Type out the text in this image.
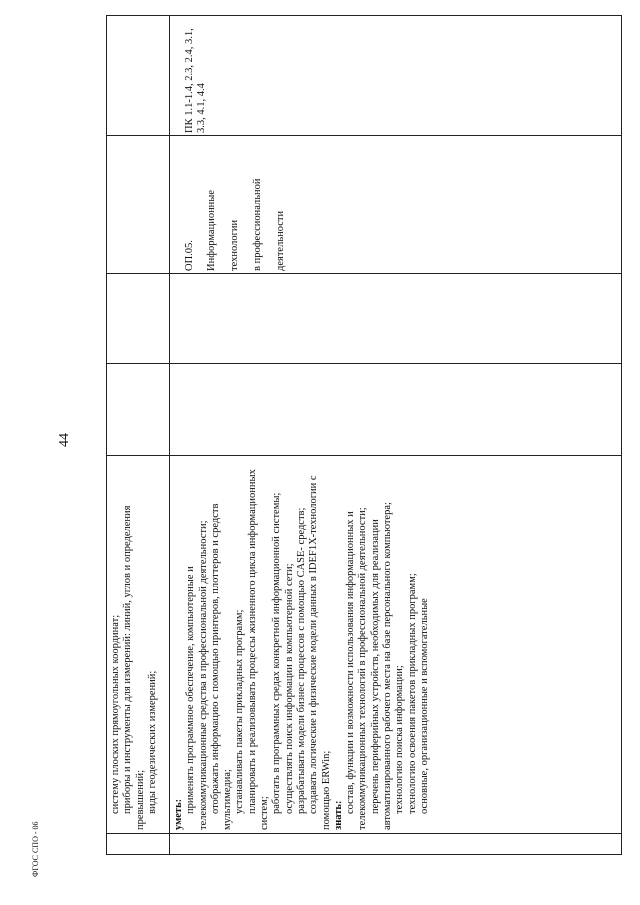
44
ФГОС СПО - 06

систему плоских прямоугольных координат; приборы и инструменты для измерений: линий, углов и определения превышений; виды геодезических измерений;

уметь:

применять программное обеспечение, компьютерные и телекоммуникационные средства в профессиональной деятельности; отображать информацию с помощью принтеров, плоттеров и средств мультимедиа; устанавливать пакеты прикладных программ; планировать и реализовывать процессы жизненного цикла информационных систем; работать в программных средах конкретной информационной системы; осуществлять поиск информации в компьютерной сети; разрабатывать модели бизнес процессов с помощью CASE- средств; создавать логические и физические модели данных в IDEF1X-технологии с помощью ERWin; знать:

состав, функции и возможности использования информационных и телекоммуникационных технологий в профессиональной деятельности; перечень периферийных устройств, необходимых для реализации автоматизированного рабочего места на базе персонального компьютера; технологию поиска информации; технологию освоения пакетов прикладных программ; основные, организационные и вспомогательные

ОП.05. Информационные технологии в профессиональной деятельности

ПК 1.1-1.4, 2.3, 2.4, 3.1, 3.3, 4.1, 4.4
